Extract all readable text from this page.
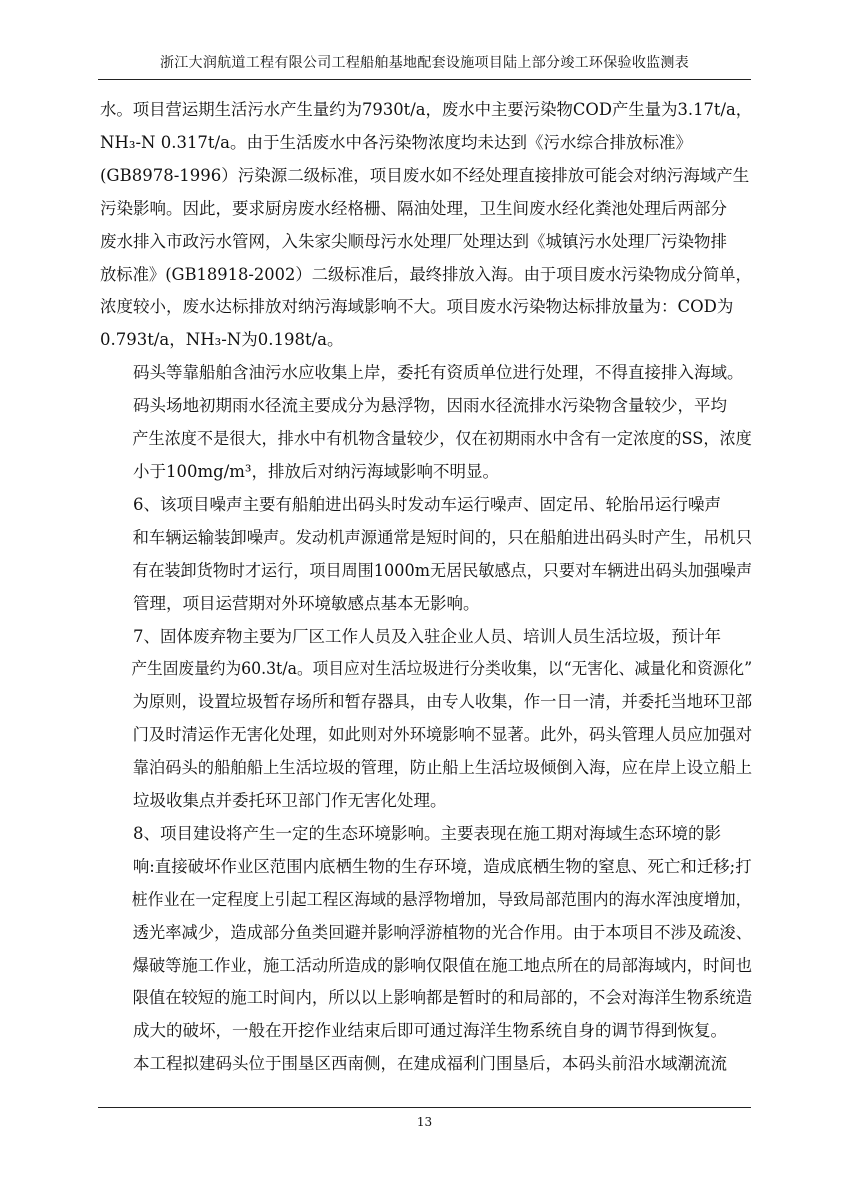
浙江大润航道工程有限公司工程船舶基地配套设施项目陆上部分竣工环保验收监测表
水。项目营运期生活污水产生量约为7930t/a，废水中主要污染物COD产生量为3.17t/a，
NH₃-N 0.317t/a。由于生活废水中各污染物浓度均未达到《污水综合排放标准》
(GB8978-1996）污染源二级标准，项目废水如不经处理直接排放可能会对纳污海域产生
污染影响。因此，要求厨房废水经格栅、隔油处理，卫生间废水经化粪池处理后两部分
废水排入市政污水管网，入朱家尖顺母污水处理厂处理达到《城镇污水处理厂污染物排
放标准》(GB18918-2002）二级标准后，最终排放入海。由于项目废水污染物成分简单，
浓度较小，废水达标排放对纳污海域影响不大。项目废水污染物达标排放量为：COD为
0.793t/a，NH₃-N为0.198t/a。
码头等靠船舶含油污水应收集上岸，委托有资质单位进行处理，不得直接排入海域。
码头场地初期雨水径流主要成分为悬浮物，因雨水径流排水污染物含量较少，平均
产生浓度不是很大，排水中有机物含量较少，仅在初期雨水中含有一定浓度的SS，浓度
小于100mg/m³，排放后对纳污海域影响不明显。
6、该项目噪声主要有船舶进出码头时发动车运行噪声、固定吊、轮胎吊运行噪声
和车辆运输装卸噪声。发动机声源通常是短时间的，只在船舶进出码头时产生，吊机只
有在装卸货物时才运行，项目周围1000m无居民敏感点，只要对车辆进出码头加强噪声
管理，项目运营期对外环境敏感点基本无影响。
7、固体废弃物主要为厂区工作人员及入驻企业人员、培训人员生活垃圾，预计年
产生固废量约为60.3t/a。项目应对生活垃圾进行分类收集，以“无害化、减量化和资源化”
为原则，设置垃圾暂存场所和暂存器具，由专人收集，作一日一清，并委托当地环卫部
门及时清运作无害化处理，如此则对外环境影响不显著。此外，码头管理人员应加强对
靠泊码头的船舶船上生活垃圾的管理，防止船上生活垃圾倾倒入海，应在岸上设立船上
垃圾收集点并委托环卫部门作无害化处理。
8、项目建设将产生一定的生态环境影响。主要表现在施工期对海域生态环境的影
响:直接破坏作业区范围内底栖生物的生存环境，造成底栖生物的窒息、死亡和迁移;打
桩作业在一定程度上引起工程区海域的悬浮物增加，导致局部范围内的海水浑浊度增加，
透光率减少，造成部分鱼类回避并影响浮游植物的光合作用。由于本项目不涉及疏浚、
爆破等施工作业，施工活动所造成的影响仅限值在施工地点所在的局部海域内，时间也
限值在较短的施工时间内，所以以上影响都是暂时的和局部的，不会对海洋生物系统造
成大的破坏，一般在开挖作业结束后即可通过海洋生物系统自身的调节得到恢复。
本工程拟建码头位于围垦区西南侧，在建成福利门围垦后，本码头前沿水域潮流流
13
